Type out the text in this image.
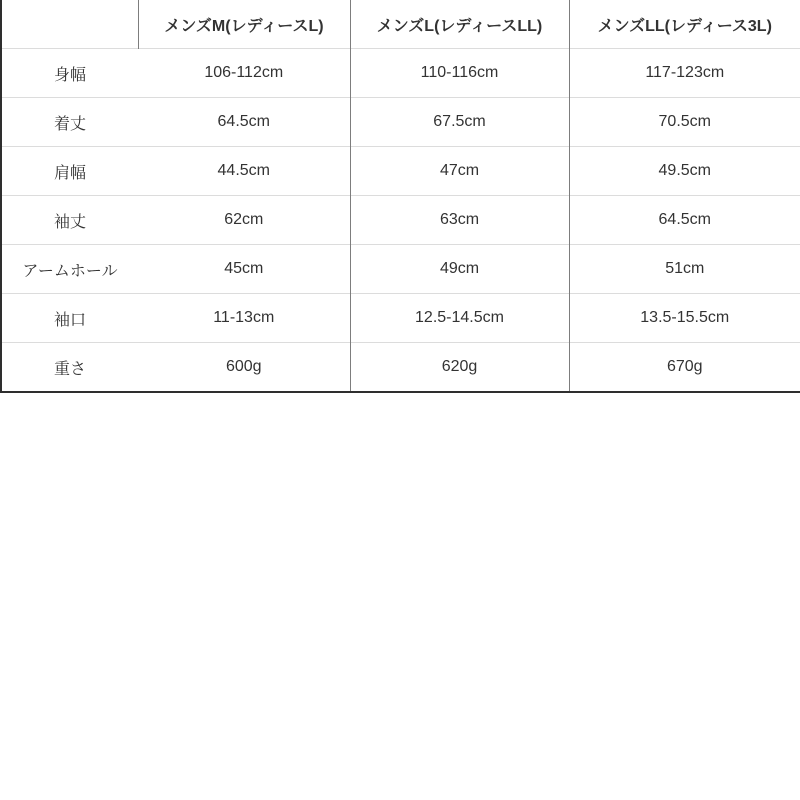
	メンズM(レディースL)	メンズL(レディースLL)	メンズLL(レディース3L)
身幅	106-112cm	110-116cm	117-123cm
着丈	64.5cm	67.5cm	70.5cm
肩幅	44.5cm	47cm	49.5cm
袖丈	62cm	63cm	64.5cm
アームホール	45cm	49cm	51cm
袖口	11-13cm	12.5-14.5cm	13.5-15.5cm
重さ	600g	620g	670g
